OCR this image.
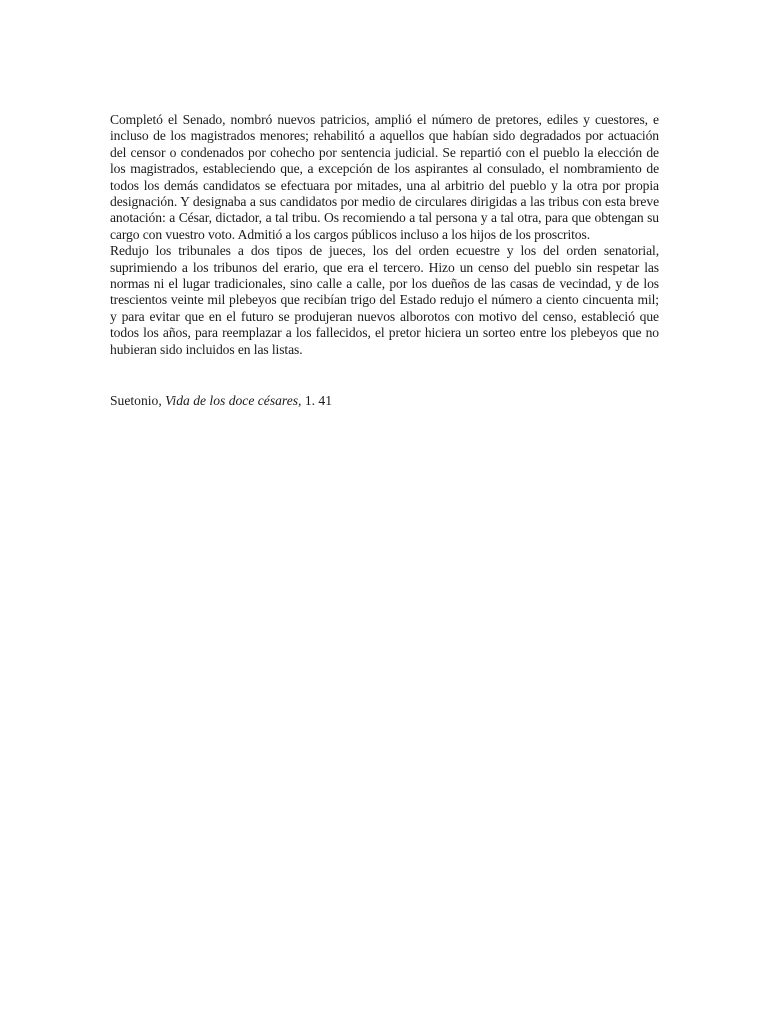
Completó el Senado, nombró nuevos patricios, amplió el número de pretores, ediles y cuestores, e incluso de los magistrados menores; rehabilitó a aquellos que habían sido degradados por actuación del censor o condenados por cohecho por sentencia judicial. Se repartió con el pueblo la elección de los magistrados, estableciendo que, a excepción de los aspirantes al consulado, el nombramiento de todos los demás candidatos se efectuara por mitades, una al arbitrio del pueblo y la otra por propia designación. Y designaba a sus candidatos por medio de circulares dirigidas a las tribus con esta breve anotación: a César, dictador, a tal tribu. Os recomiendo a tal persona y a tal otra, para que obtengan su cargo con vuestro voto. Admitió a los cargos públicos incluso a los hijos de los proscritos.

Redujo los tribunales a dos tipos de jueces, los del orden ecuestre y los del orden senatorial, suprimiendo a los tribunos del erario, que era el tercero. Hizo un censo del pueblo sin respetar las normas ni el lugar tradicionales, sino calle a calle, por los dueños de las casas de vecindad, y de los trescientos veinte mil plebeyos que recibían trigo del Estado redujo el número a ciento cincuenta mil; y para evitar que en el futuro se produjeran nuevos alborotos con motivo del censo, estableció que todos los años, para reemplazar a los fallecidos, el pretor hiciera un sorteo entre los plebeyos que no hubieran sido incluidos en las listas.

Suetonio, Vida de los doce césares, 1. 41
